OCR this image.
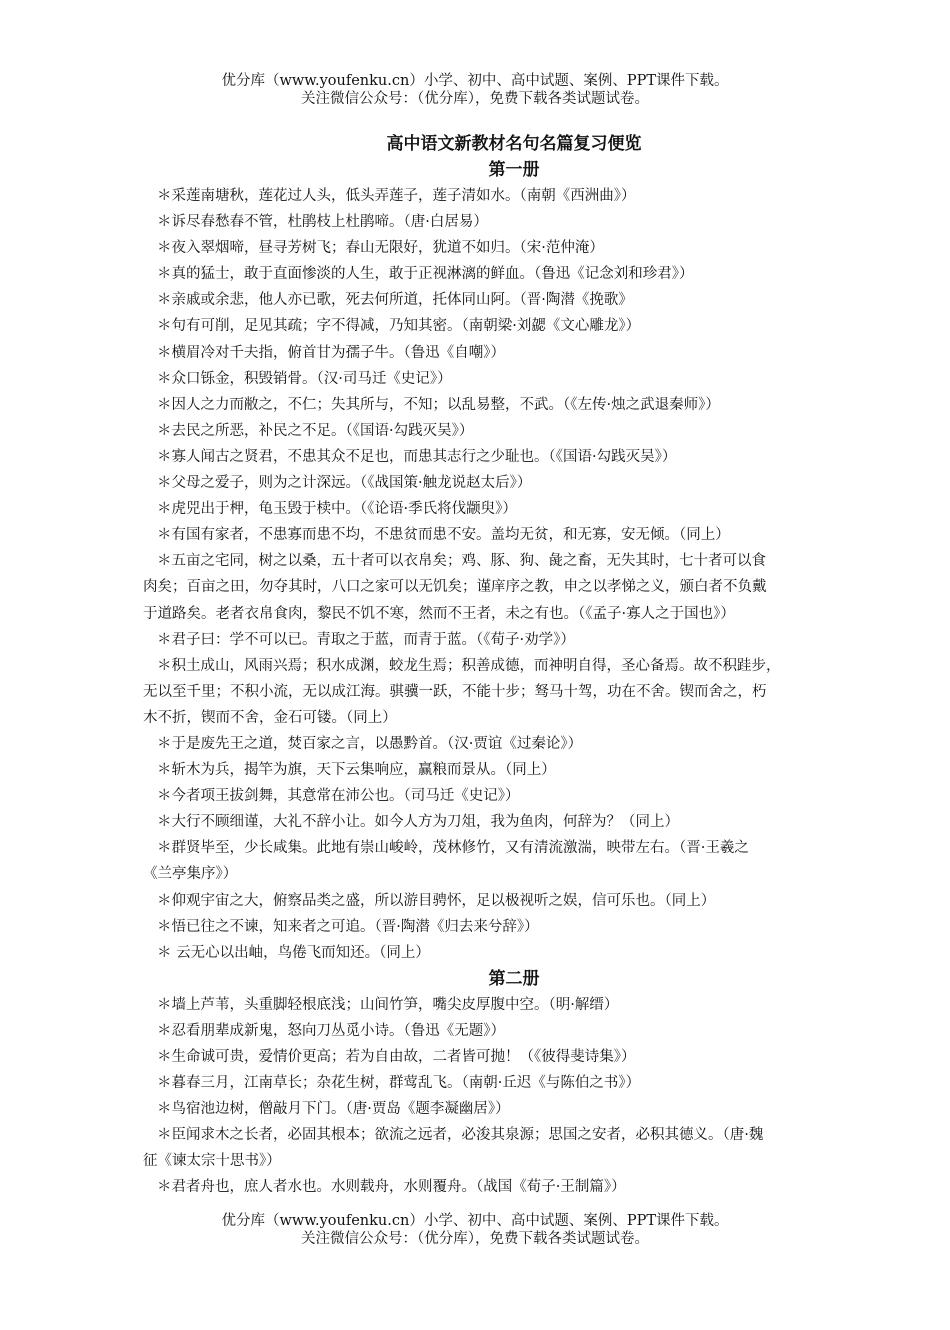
优分库（www.youfenku.cn）小学、初中、高中试题、案例、PPT课件下载。
关注微信公众号：（优分库），免费下载各类试题试卷。
高中语文新教材名句名篇复习便览
第一册
＊采莲南塘秋，莲花过人头，低头弄莲子，莲子清如水。（南朝《西洲曲》）
＊诉尽春愁春不管，杜鹃枝上杜鹃啼。（唐·白居易）
＊夜入翠烟啼，昼寻芳树飞；春山无限好，犹道不如归。（宋·范仲淹）
＊真的猛士，敢于直面惨淡的人生，敢于正视淋漓的鲜血。（鲁迅《记念刘和珍君》）
＊亲戚或余悲，他人亦已歌，死去何所道，托体同山阿。（晋·陶潜《挽歌》
＊句有可削，足见其疏；字不得减，乃知其密。（南朝梁·刘勰《文心雕龙》）
＊横眉冷对千夫指，俯首甘为孺子牛。（鲁迅《自嘲》）
＊众口铄金，积毁销骨。（汉·司马迁《史记》）
＊因人之力而敝之，不仁；失其所与，不知；以乱易整，不武。（《左传·烛之武退秦师》）
＊去民之所恶，补民之不足。（《国语·勾践灭吴》）
＊寡人闻古之贤君，不患其众不足也，而患其志行之少耻也。（《国语·勾践灭吴》）
＊父母之爱子，则为之计深远。（《战国策·触龙说赵太后》）
＊虎兕出于柙，龟玉毁于椟中。（《论语·季氏将伐颛臾》）
＊有国有家者，不患寡而患不均，不患贫而患不安。盖均无贫，和无寡，安无倾。（同上）
＊五亩之宅同，树之以桑，五十者可以衣帛矣；鸡、豚、狗、彘之畜，无失其时，七十者可以食
肉矣；百亩之田，勿夺其时，八口之家可以无饥矣；谨庠序之教，申之以孝悌之义，颁白者不负戴
于道路矣。老者衣帛食肉，黎民不饥不寒，然而不王者，未之有也。（《孟子·寡人之于国也》）
＊君子曰：学不可以已。青取之于蓝，而青于蓝。（《荀子·劝学》）
＊积土成山，风雨兴焉；积水成渊，蛟龙生焉；积善成德，而神明自得，圣心备焉。故不积跬步，
无以至千里；不积小流，无以成江海。骐骥一跃，不能十步；驽马十驾，功在不舍。锲而舍之，朽
木不折，锲而不舍，金石可镂。（同上）
＊于是废先王之道，焚百家之言，以愚黔首。（汉·贾谊《过秦论》）
＊斩木为兵，揭竿为旗，天下云集响应，赢粮而景从。（同上）
＊今者项王拔剑舞，其意常在沛公也。（司马迁《史记》）
＊大行不顾细谨，大礼不辞小让。如今人方为刀俎，我为鱼肉，何辞为？（同上）
＊群贤毕至，少长咸集。此地有崇山峻岭，茂林修竹，又有清流激湍，映带左右。（晋·王羲之
《兰亭集序》）
＊仰观宇宙之大，俯察品类之盛，所以游目骋怀，足以极视听之娱，信可乐也。（同上）
＊悟已往之不谏，知来者之可追。（晋·陶潜《归去来兮辞》）
＊ 云无心以出岫，鸟倦飞而知还。（同上）
第二册
＊墙上芦苇，头重脚轻根底浅；山间竹笋，嘴尖皮厚腹中空。（明·解缙）
＊忍看朋辈成新鬼，怒向刀丛觅小诗。（鲁迅《无题》）
＊生命诚可贵，爱情价更高；若为自由故，二者皆可抛！（《彼得斐诗集》）
＊暮春三月，江南草长；杂花生树，群莺乱飞。（南朝·丘迟《与陈伯之书》）
＊鸟宿池边树，僧敲月下门。（唐·贾岛《题李凝幽居》）
＊臣闻求木之长者，必固其根本；欲流之远者，必浚其泉源；思国之安者，必积其德义。（唐·魏
征《谏太宗十思书》）
＊君者舟也，庶人者水也。水则载舟，水则覆舟。（战国《荀子·王制篇》）
优分库（www.youfenku.cn）小学、初中、高中试题、案例、PPT课件下载。
关注微信公众号：（优分库），免费下载各类试题试卷。
